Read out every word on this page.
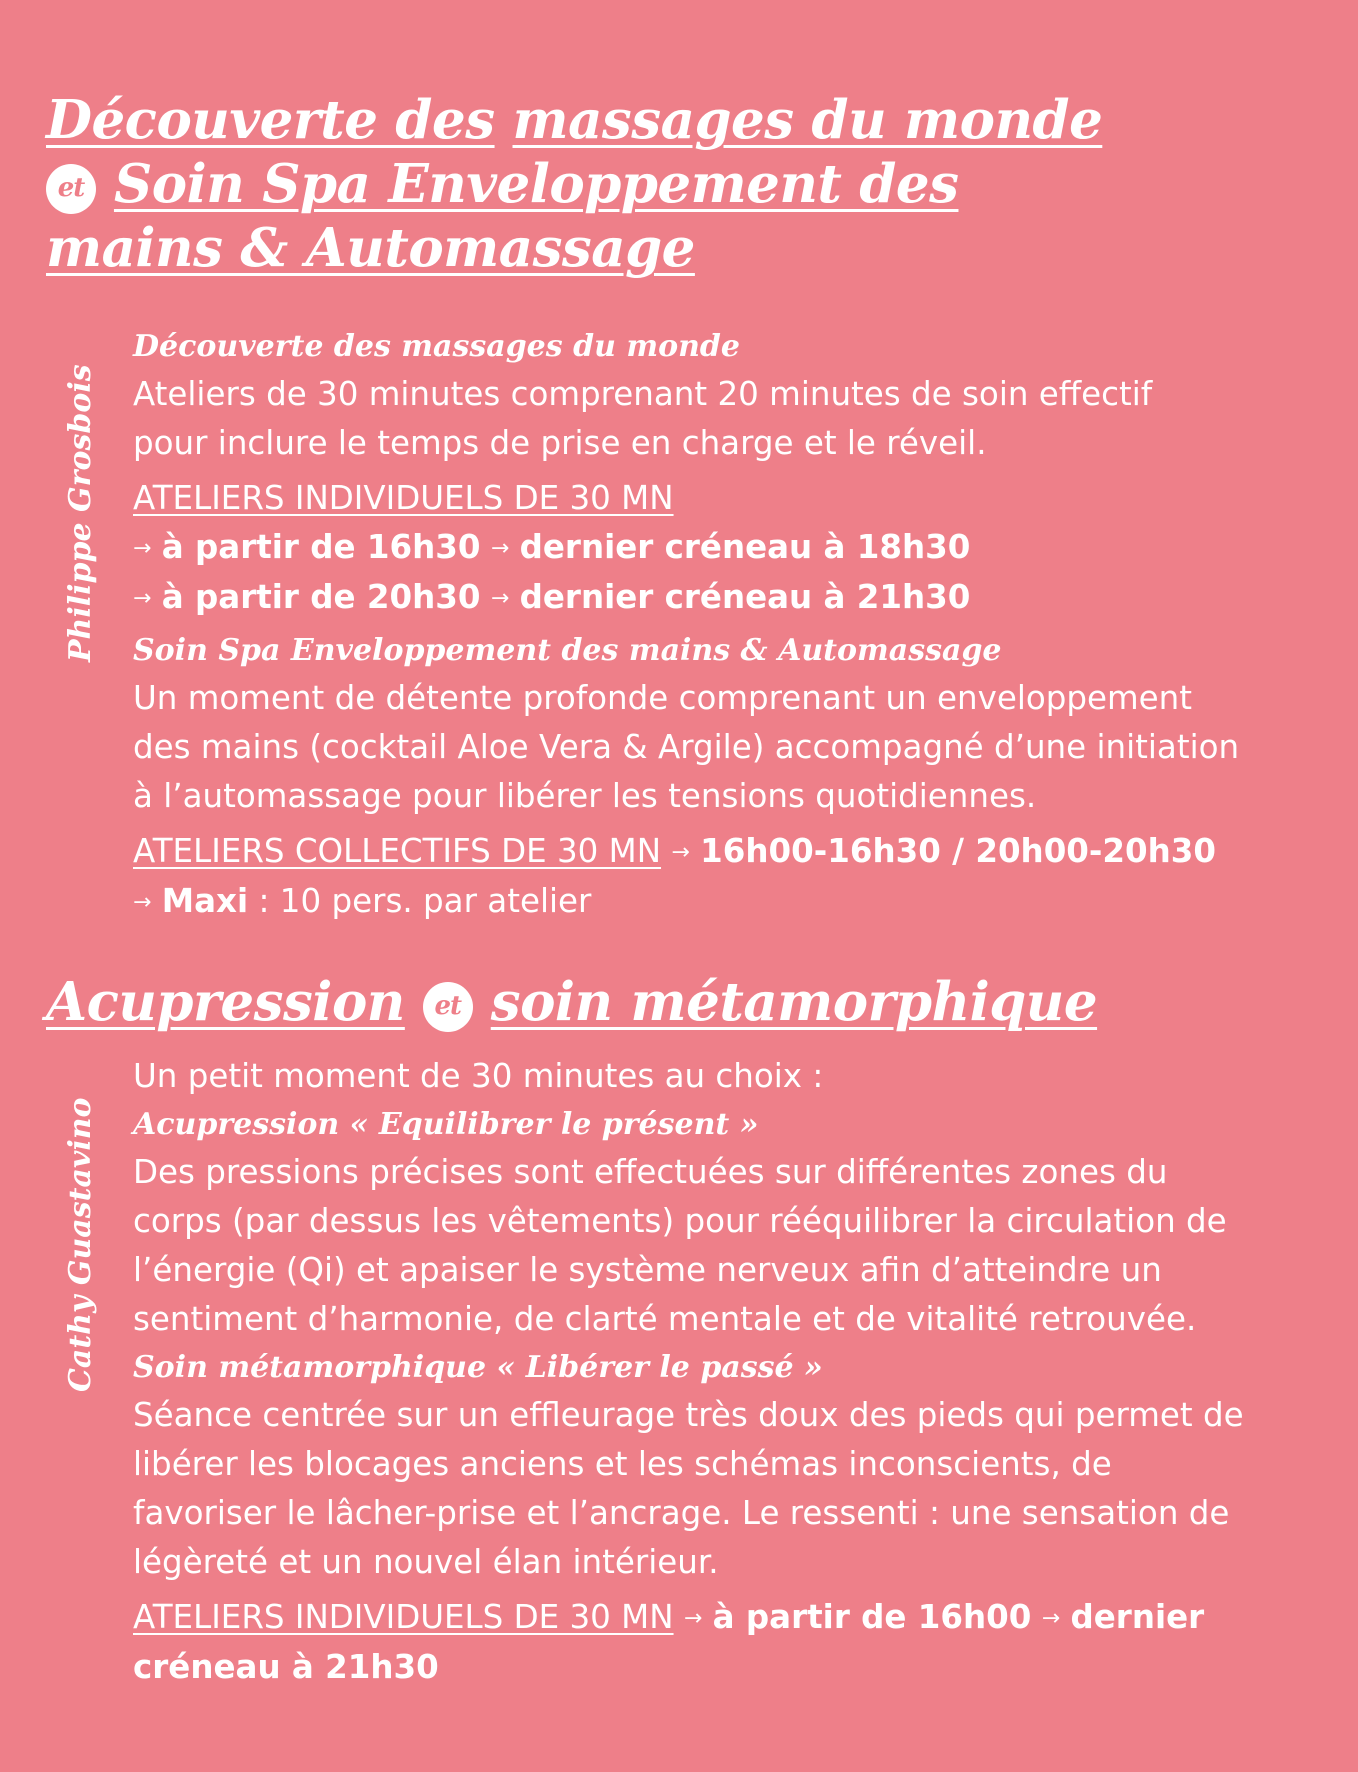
Découverte des massages du monde
et Soin Spa Enveloppement des
mains & Automassage
Philippe Grosbois

Découverte des massages du monde

Ateliers de 30 minutes comprenant 20 minutes de soin effectif

pour inclure le temps de prise en charge et le réveil.

ATELIERS INDIVIDUELS DE 30 MN

→ à partir de 16h30 → dernier créneau à 18h30

→ à partir de 20h30 → dernier créneau à 21h30

Soin Spa Enveloppement des mains & Automassage

Un moment de détente profonde comprenant un enveloppement

des mains (cocktail Aloe Vera & Argile) accompagné d’une initiation

à l’automassage pour libérer les tensions quotidiennes.

ATELIERS COLLECTIFS DE 30 MN → 16h00-16h30 / 20h00-20h30

→ Maxi : 10 pers. par atelier

Acupression et soin métamorphique
Cathy Guastavino

Un petit moment de 30 minutes au choix :

Acupression « Equilibrer le présent »

Des pressions précises sont effectuées sur différentes zones du

corps (par dessus les vêtements) pour rééquilibrer la circulation de

l’énergie (Qi) et apaiser le système nerveux afin d’atteindre un

sentiment d’harmonie, de clarté mentale et de vitalité retrouvée.

Soin métamorphique « Libérer le passé »

Séance centrée sur un effleurage très doux des pieds qui permet de

libérer les blocages anciens et les schémas inconscients, de

favoriser le lâcher-prise et l’ancrage. Le ressenti : une sensation de

légèreté et un nouvel élan intérieur.

ATELIERS INDIVIDUELS DE 30 MN → à partir de 16h00 → dernier

créneau à 21h30
